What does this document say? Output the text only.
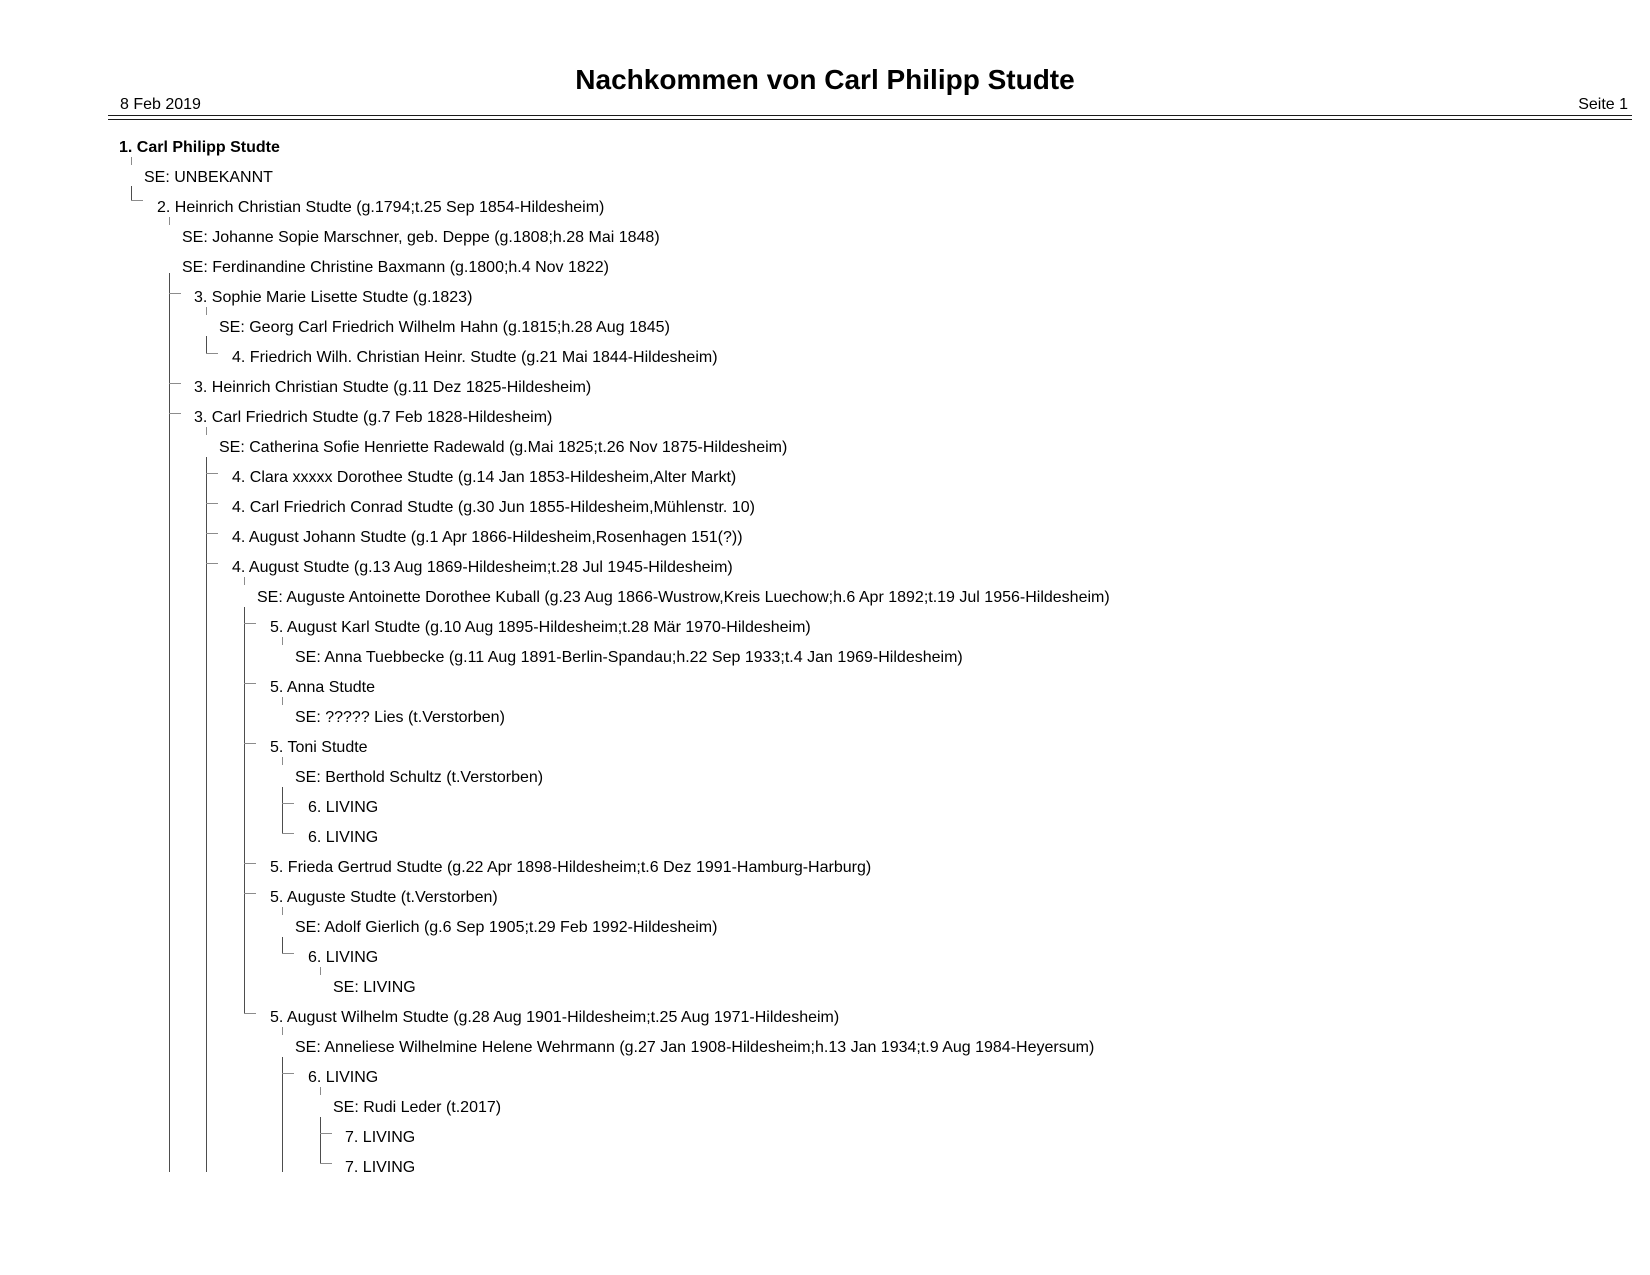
Nachkommen von Carl Philipp Studte
8 Feb 2019	Seite 1
1. Carl Philipp Studte
SE: UNBEKANNT
2. Heinrich Christian Studte (g.1794;t.25 Sep 1854-Hildesheim)
SE: Johanne Sopie Marschner, geb. Deppe (g.1808;h.28 Mai 1848)
SE: Ferdinandine Christine Baxmann (g.1800;h.4 Nov 1822)
3. Sophie Marie Lisette Studte (g.1823)
SE: Georg Carl Friedrich Wilhelm Hahn (g.1815;h.28 Aug 1845)
4. Friedrich Wilh. Christian Heinr. Studte (g.21 Mai 1844-Hildesheim)
3. Heinrich Christian Studte (g.11 Dez 1825-Hildesheim)
3. Carl Friedrich Studte (g.7 Feb 1828-Hildesheim)
SE: Catherina Sofie Henriette Radewald (g.Mai 1825;t.26 Nov 1875-Hildesheim)
4. Clara xxxxx Dorothee Studte (g.14 Jan 1853-Hildesheim,Alter Markt)
4. Carl Friedrich Conrad Studte (g.30 Jun 1855-Hildesheim,Mühlenstr. 10)
4. August Johann Studte (g.1 Apr 1866-Hildesheim,Rosenhagen 151(?))
4. August Studte (g.13 Aug 1869-Hildesheim;t.28 Jul 1945-Hildesheim)
SE: Auguste Antoinette Dorothee Kuball (g.23 Aug 1866-Wustrow,Kreis Luechow;h.6 Apr 1892;t.19 Jul 1956-Hildesheim)
5. August Karl Studte (g.10 Aug 1895-Hildesheim;t.28 Mär 1970-Hildesheim)
SE: Anna Tuebbecke (g.11 Aug 1891-Berlin-Spandau;h.22 Sep 1933;t.4 Jan 1969-Hildesheim)
5. Anna Studte
SE: ????? Lies (t.Verstorben)
5. Toni Studte
SE: Berthold Schultz (t.Verstorben)
6. LIVING
6. LIVING
5. Frieda Gertrud Studte (g.22 Apr 1898-Hildesheim;t.6 Dez 1991-Hamburg-Harburg)
5. Auguste Studte (t.Verstorben)
SE: Adolf Gierlich (g.6 Sep 1905;t.29 Feb 1992-Hildesheim)
6. LIVING
SE: LIVING
5. August Wilhelm Studte (g.28 Aug 1901-Hildesheim;t.25 Aug 1971-Hildesheim)
SE: Anneliese Wilhelmine Helene Wehrmann (g.27 Jan 1908-Hildesheim;h.13 Jan 1934;t.9 Aug 1984-Heyersum)
6. LIVING
SE: Rudi Leder (t.2017)
7. LIVING
7. LIVING
